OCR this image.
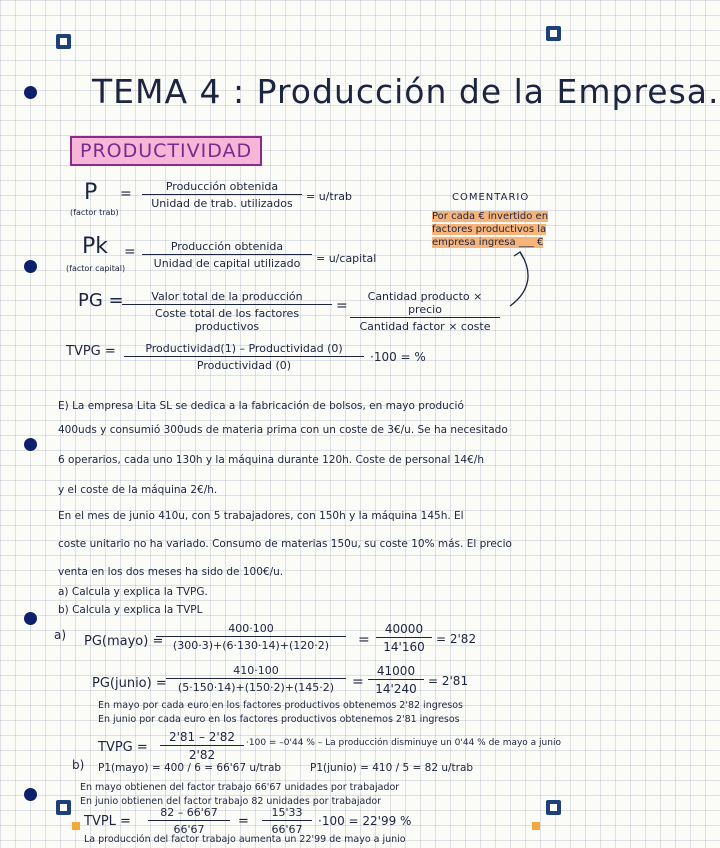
TEMA 4 : Producción de la Empresa.
PRODUCTIVIDAD
P
(factor trab)
=	Producción obtenida
Unidad de trab. utilizados
= u/trab
Pk
(factor capital)
=	Producción obtenida
Unidad de capital utilizado	= u/capital
COMENTARIO
Por cada € invertido en factores productivos la empresa ingresa ___ €
PG =	Valor total de la producción
Coste total de los factores productivos
=
Cantidad producto × precio
Cantidad factor × coste
TVPG =	Productividad(1) – Productividad (0)
Productividad (0)
·100 = %
E) La empresa Lita SL se dedica a la fabricación de bolsos, en mayo produció
400uds y consumió 300uds de materia prima con un coste de 3€/u. Se ha necesitado
6 operarios, cada uno 130h y la máquina durante 120h. Coste de personal 14€/h
y el coste de la máquina 2€/h.
En el mes de junio 410u, con 5 trabajadores, con 150h y la máquina 145h. El
coste unitario no ha variado. Consumo de materias 150u, su coste 10% más. El precio
venta en los dos meses ha sido de 100€/u.
a) Calcula y explica la TVPG.
b) Calcula y explica la TVPL
a) PG(mayo) =
$\frac{400\cdot 100}{(300\cdot 3)+(6\cdot 130\cdot 14)+(120\cdot 2)} = \frac{40000}{14'160} = 2'82$
PG(junio) = $\frac{410\cdot 100}{(5\cdot 150\cdot 14)+(150\cdot 2)+(145\cdot 2)} = \frac{41000}{14'240} = 2'81$
En mayo por cada euro en los factores productivos obtenemos 2'82 ingresos
En junio por cada euro en los factores productivos obtenemos 2'81 ingresos
TVPG = $\frac{2'81 - 2'82}{2'82} \cdot 100 = -0'44$ % – La producción disminuye un 0'44 % de mayo a junio
b) P1(mayo) = 400 / 6 = 66'67 u/trab	P1(junio) = 410 / 5 = 82 u/trab
En mayo obtienen del factor trabajo 66'67 unidades por trabajador
En junio obtienen del factor trabajo 82 unidades por trabajador
TVPL = $\frac{82 - 66'67}{66'67} = \frac{15'33}{66'67} \cdot 100 = 22'99$ %
La producción del factor trabajo aumenta un 22'99 de mayo a junio
